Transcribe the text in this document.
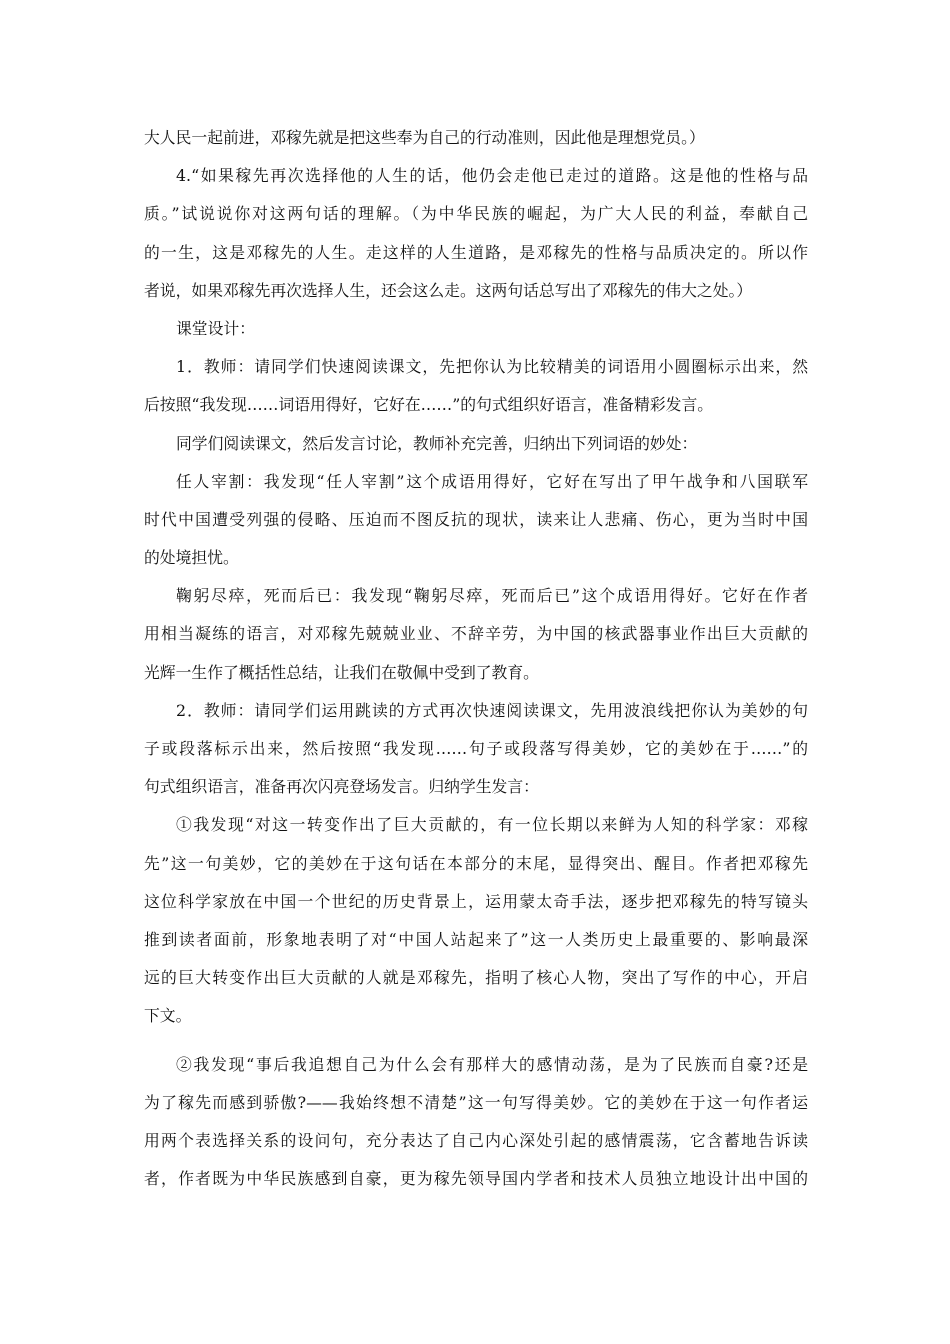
大人民一起前进，邓稼先就是把这些奉为自己的行动准则，因此他是理想党员。）
4.“如果稼先再次选择他的人生的话，他仍会走他已走过的道路。这是他的性格与品
质。”试说说你对这两句话的理解。（为中华民族的崛起，为广大人民的利益，奉献自己
的一生，这是邓稼先的人生。走这样的人生道路，是邓稼先的性格与品质决定的。所以作
者说，如果邓稼先再次选择人生，还会这么走。这两句话总写出了邓稼先的伟大之处。）
课堂设计：
1．教师：请同学们快速阅读课文，先把你认为比较精美的词语用小圆圈标示出来，然
后按照“我发现……词语用得好，它好在……”的句式组织好语言，准备精彩发言。
同学们阅读课文，然后发言讨论，教师补充完善，归纳出下列词语的妙处：
任人宰割：我发现“任人宰割”这个成语用得好，它好在写出了甲午战争和八国联军
时代中国遭受列强的侵略、压迫而不图反抗的现状，读来让人悲痛、伤心，更为当时中国
的处境担忧。
鞠躬尽瘁，死而后已：我发现“鞠躬尽瘁，死而后已”这个成语用得好。它好在作者
用相当凝练的语言，对邓稼先兢兢业业、不辞辛劳，为中国的核武器事业作出巨大贡献的
光辉一生作了概括性总结，让我们在敬佩中受到了教育。
2．教师：请同学们运用跳读的方式再次快速阅读课文，先用波浪线把你认为美妙的句
子或段落标示出来，然后按照“我发现……句子或段落写得美妙，它的美妙在于……”的
句式组织语言，准备再次闪亮登场发言。归纳学生发言：
①我发现“对这一转变作出了巨大贡献的，有一位长期以来鲜为人知的科学家：邓稼
先”这一句美妙，它的美妙在于这句话在本部分的末尾，显得突出、醒目。作者把邓稼先
这位科学家放在中国一个世纪的历史背景上，运用蒙太奇手法，逐步把邓稼先的特写镜头
推到读者面前，形象地表明了对“中国人站起来了”这一人类历史上最重要的、影响最深
远的巨大转变作出巨大贡献的人就是邓稼先，指明了核心人物，突出了写作的中心，开启
下文。
②我发现“事后我追想自己为什么会有那样大的感情动荡，是为了民族而自豪?还是
为了稼先而感到骄傲?——我始终想不清楚”这一句写得美妙。它的美妙在于这一句作者运
用两个表选择关系的设问句，充分表达了自己内心深处引起的感情震荡，它含蓄地告诉读
者，作者既为中华民族感到自豪，更为稼先领导国内学者和技术人员独立地设计出中国的
